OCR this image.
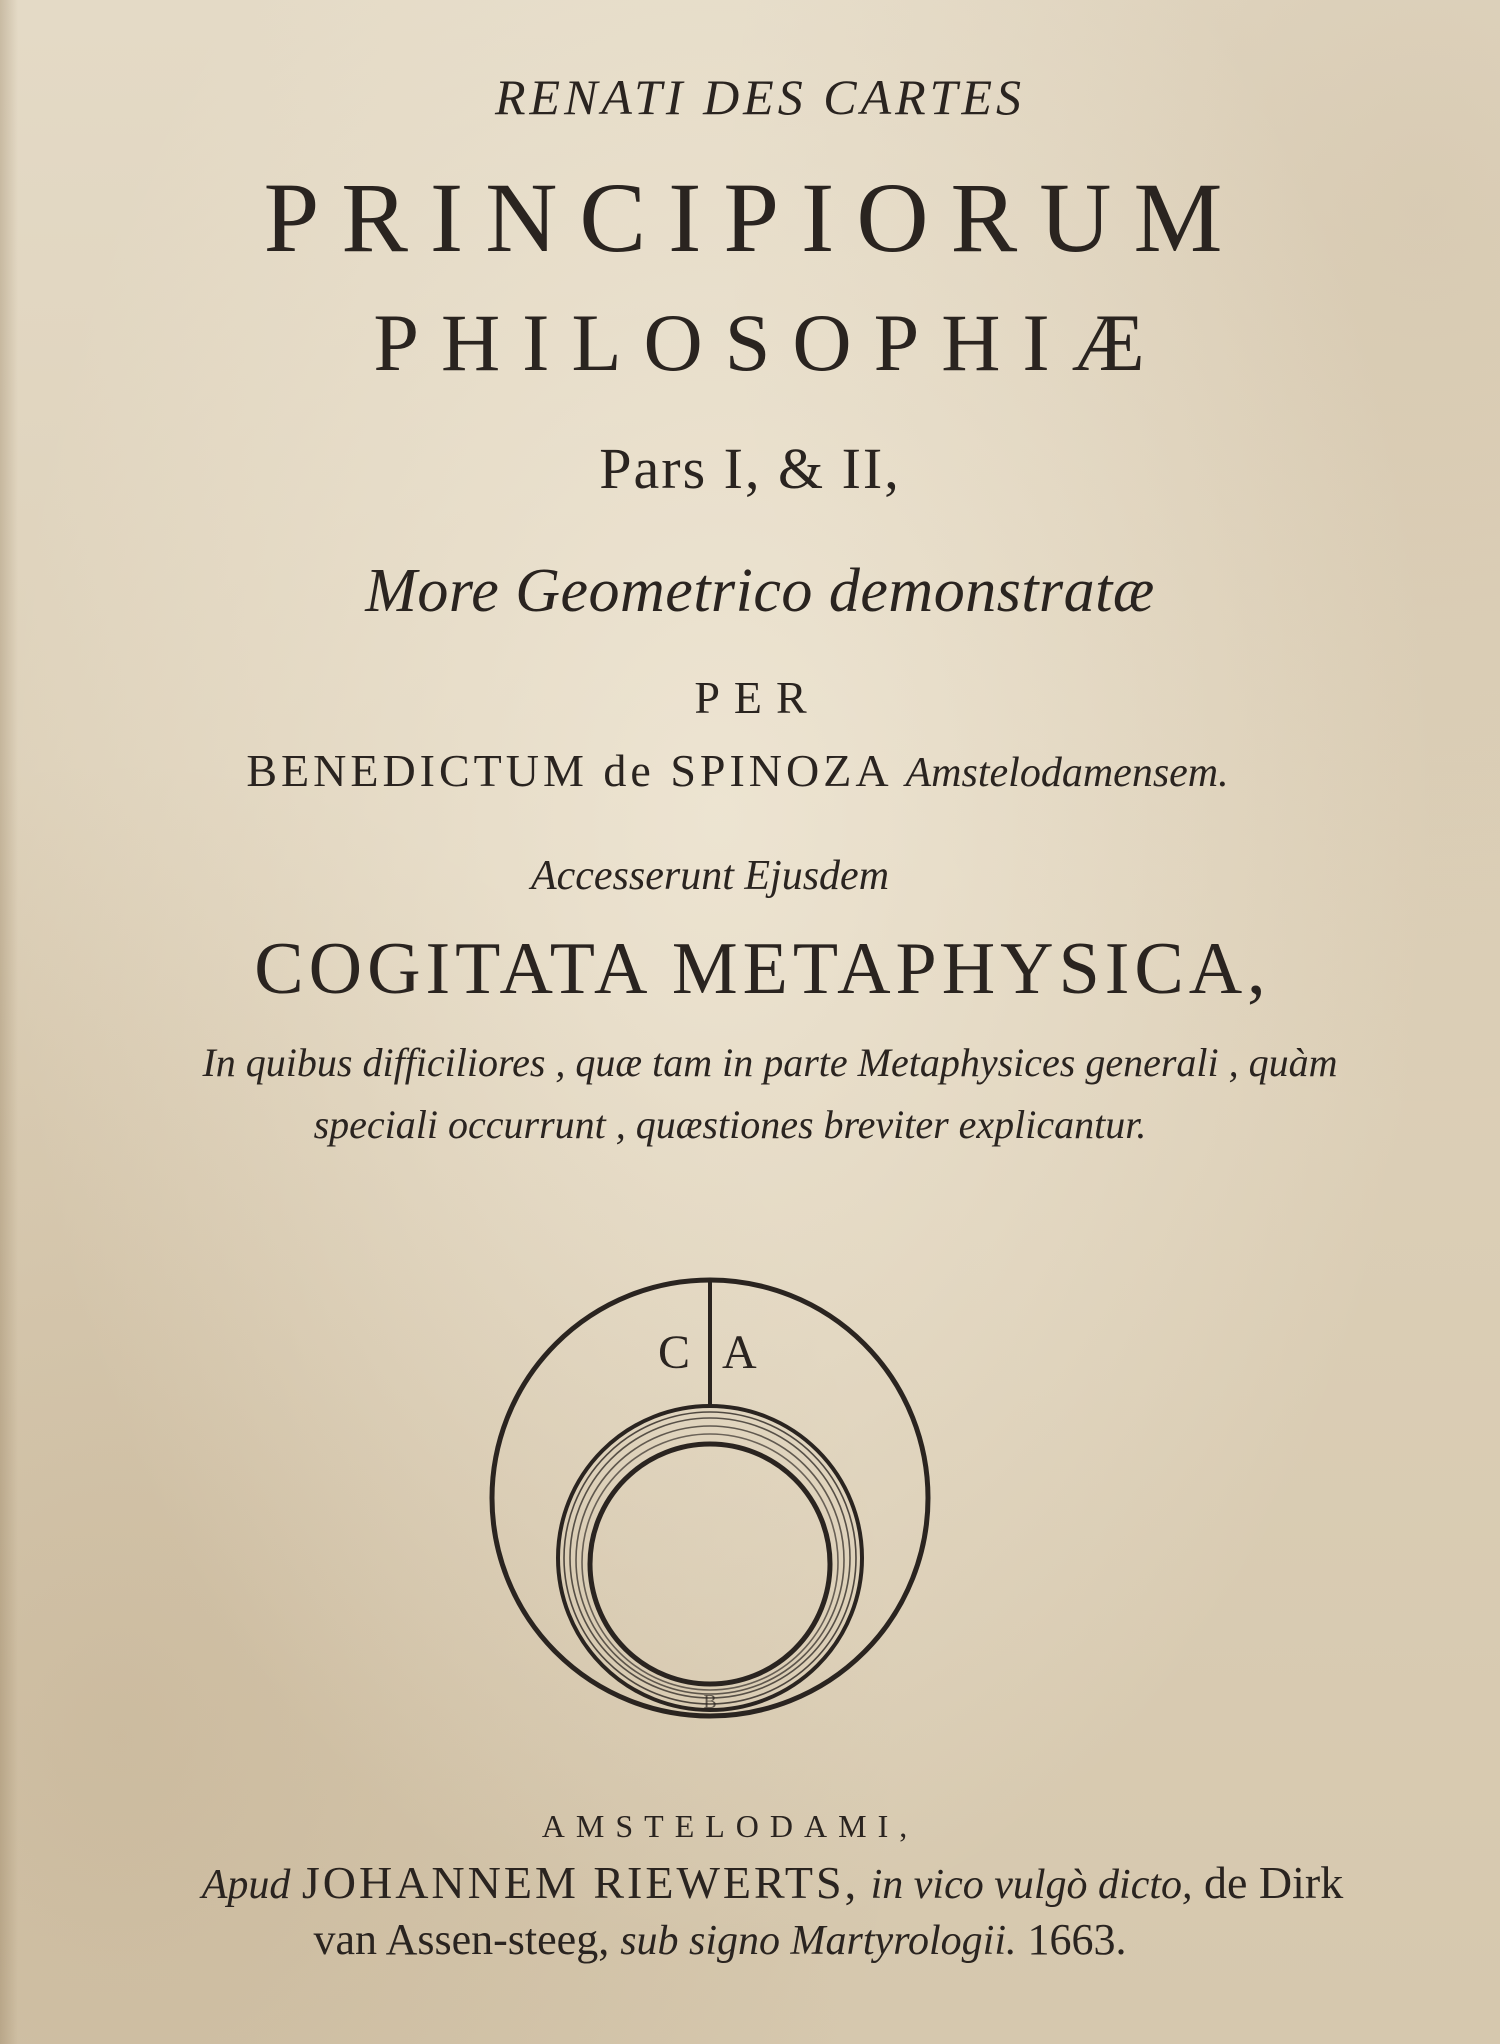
RENATI DES CARTES
PRINCIPIORUM
PHILOSOPHIÆ
Pars I, & II,
More Geometrico demonstratæ
PER
BENEDICTUM de SPINOZA Amstelodamensem.
Accesserunt Ejusdem
COGITATA METAPHYSICA,
In quibus difficiliores , quæ tam in parte Metaphysices generali , quàm
speciali occurrunt , quæstiones breviter explicantur.
C A
B
AMSTELODAMI,
Apud JOHANNEM RIEWERTS, in vico vulgò dicto, de Dirk
van Assen-steeg, sub signo Martyrologii. 1663.
